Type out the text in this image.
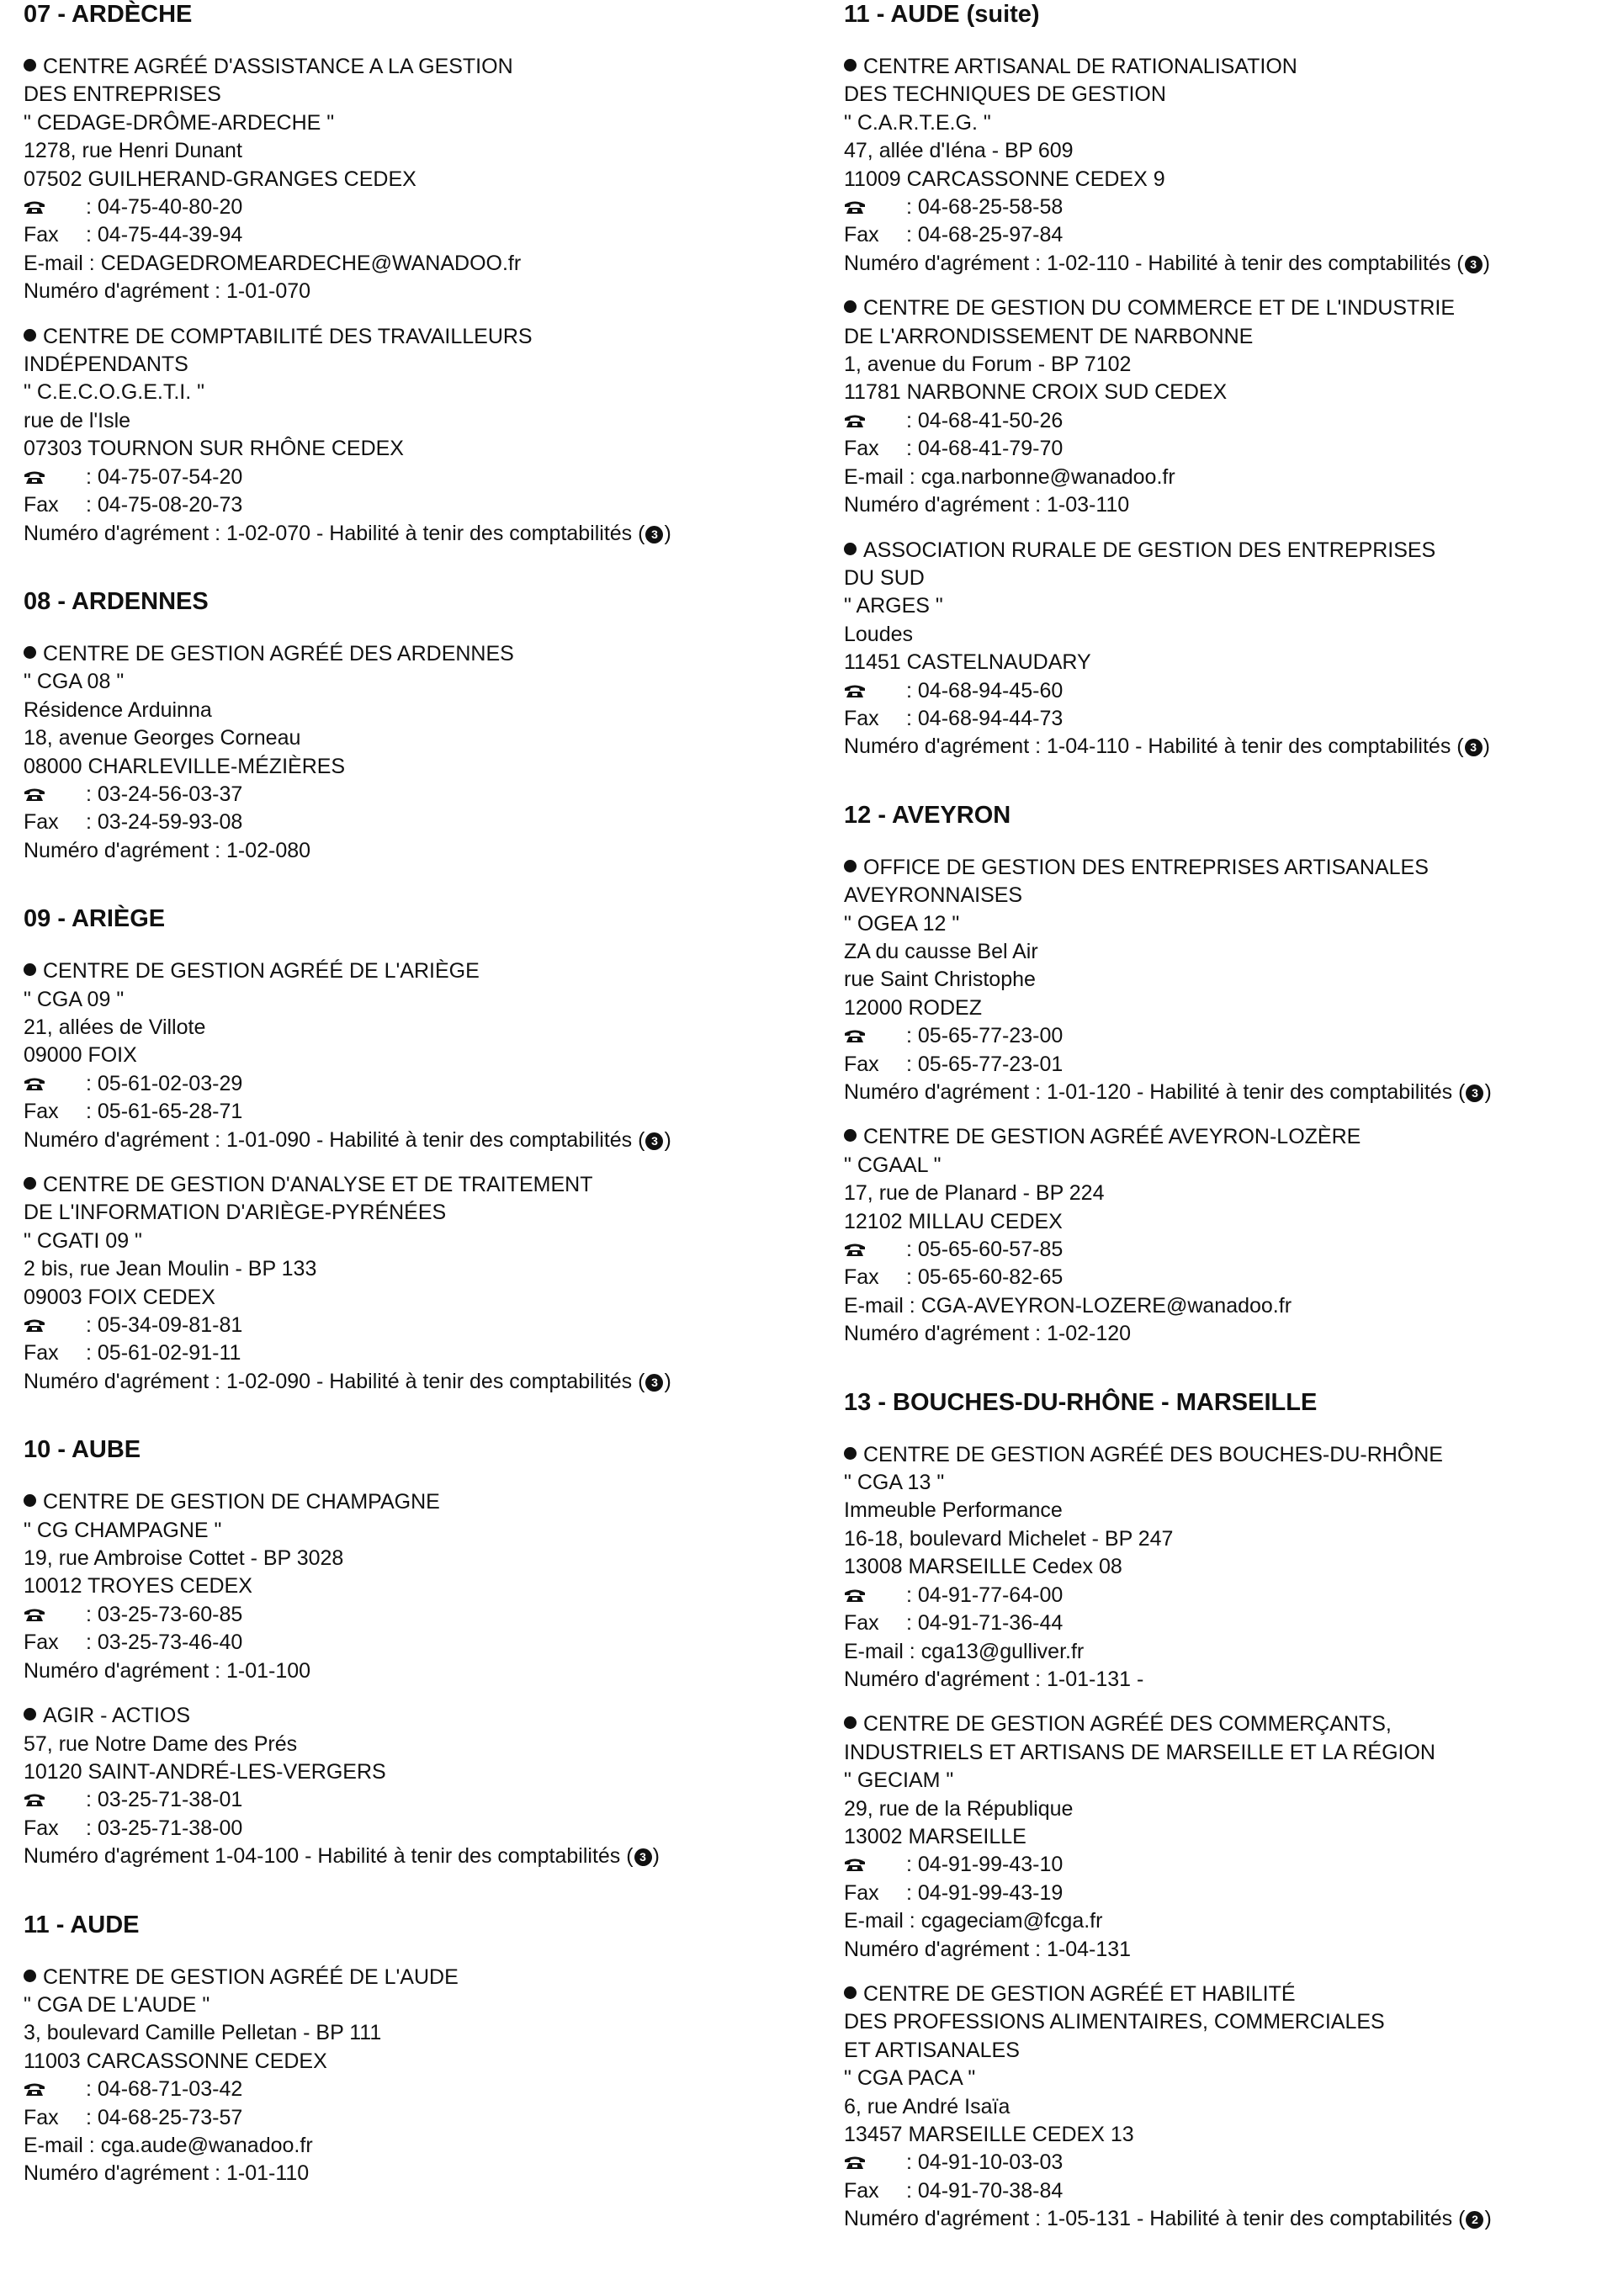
07 - ARDÈCHE
CENTRE AGRÉÉ D'ASSISTANCE A LA GESTION
DES ENTREPRISES
" CEDAGE-DRÔME-ARDECHE "
1278, rue Henri Dunant
07502 GUILHERAND-GRANGES CEDEX
: 04-75-40-80-20
Fax : 04-75-44-39-94
E-mail : CEDAGEDROMEARDECHE@WANADOO.fr
Numéro d'agrément : 1-01-070
CENTRE DE COMPTABILITÉ DES TRAVAILLEURS
INDÉPENDANTS
" C.E.C.O.G.E.T.I. "
rue de l'Isle
07303 TOURNON SUR RHÔNE CEDEX
: 04-75-07-54-20
Fax : 04-75-08-20-73
Numéro d'agrément : 1-02-070 - Habilité à tenir des comptabilités ( 3 )
08 - ARDENNES
CENTRE DE GESTION AGRÉÉ DES ARDENNES
" CGA 08 "
Résidence Arduinna
18, avenue Georges Corneau
08000 CHARLEVILLE-MÉZIÈRES
: 03-24-56-03-37
Fax : 03-24-59-93-08
Numéro d'agrément : 1-02-080
09 - ARIÈGE
CENTRE DE GESTION AGRÉÉ DE L'ARIÈGE
" CGA 09 "
21, allées de Villote
09000 FOIX
: 05-61-02-03-29
Fax : 05-61-65-28-71
Numéro d'agrément : 1-01-090 - Habilité à tenir des comptabilités ( 3 )
CENTRE DE GESTION D'ANALYSE ET DE TRAITEMENT
DE L'INFORMATION D'ARIÈGE-PYRÉNÉES
" CGATI 09 "
2 bis, rue Jean Moulin - BP 133
09003 FOIX CEDEX
: 05-34-09-81-81
Fax : 05-61-02-91-11
Numéro d'agrément : 1-02-090 - Habilité à tenir des comptabilités ( 3 )
10 - AUBE
CENTRE DE GESTION DE CHAMPAGNE
" CG CHAMPAGNE "
19, rue Ambroise Cottet - BP 3028
10012 TROYES CEDEX
: 03-25-73-60-85
Fax : 03-25-73-46-40
Numéro d'agrément : 1-01-100
AGIR - ACTIOS
57, rue Notre Dame des Prés
10120 SAINT-ANDRÉ-LES-VERGERS
: 03-25-71-38-01
Fax : 03-25-71-38-00
Numéro d'agrément 1-04-100 - Habilité à tenir des comptabilités ( 3 )
11 - AUDE
CENTRE DE GESTION AGRÉÉ DE L'AUDE
" CGA DE L'AUDE "
3, boulevard Camille Pelletan - BP 111
11003 CARCASSONNE CEDEX
: 04-68-71-03-42
Fax : 04-68-25-73-57
E-mail : cga.aude@wanadoo.fr
Numéro d'agrément : 1-01-110
11 - AUDE (suite)
CENTRE ARTISANAL DE RATIONALISATION
DES TECHNIQUES DE GESTION
" C.A.R.T.E.G. "
47, allée d'Iéna - BP 609
11009 CARCASSONNE CEDEX 9
: 04-68-25-58-58
Fax : 04-68-25-97-84
Numéro d'agrément : 1-02-110 - Habilité à tenir des comptabilités ( 3 )
CENTRE DE GESTION DU COMMERCE ET DE L'INDUSTRIE
DE L'ARRONDISSEMENT DE NARBONNE
1, avenue du Forum - BP 7102
11781 NARBONNE CROIX SUD CEDEX
: 04-68-41-50-26
Fax : 04-68-41-79-70
E-mail : cga.narbonne@wanadoo.fr
Numéro d'agrément : 1-03-110
ASSOCIATION RURALE DE GESTION DES ENTREPRISES
DU SUD
" ARGES "
Loudes
11451 CASTELNAUDARY
: 04-68-94-45-60
Fax : 04-68-94-44-73
Numéro d'agrément : 1-04-110 - Habilité à tenir des comptabilités ( 3 )
12 - AVEYRON
OFFICE DE GESTION DES ENTREPRISES ARTISANALES
AVEYRONNAISES
" OGEA 12 "
ZA du causse Bel Air
rue Saint Christophe
12000 RODEZ
: 05-65-77-23-00
Fax : 05-65-77-23-01
Numéro d'agrément : 1-01-120 - Habilité à tenir des comptabilités ( 3 )
CENTRE DE GESTION AGRÉÉ AVEYRON-LOZÈRE
" CGAAL "
17, rue de Planard - BP 224
12102 MILLAU CEDEX
: 05-65-60-57-85
Fax : 05-65-60-82-65
E-mail : CGA-AVEYRON-LOZERE@wanadoo.fr
Numéro d'agrément : 1-02-120
13 - BOUCHES-DU-RHÔNE - MARSEILLE
CENTRE DE GESTION AGRÉÉ DES BOUCHES-DU-RHÔNE
" CGA 13 "
Immeuble Performance
16-18, boulevard Michelet - BP 247
13008 MARSEILLE Cedex 08
: 04-91-77-64-00
Fax : 04-91-71-36-44
E-mail : cga13@gulliver.fr
Numéro d'agrément : 1-01-131 -
CENTRE DE GESTION AGRÉÉ DES COMMERÇANTS,
INDUSTRIELS ET ARTISANS DE MARSEILLE ET LA RÉGION
" GECIAM "
29, rue de la République
13002 MARSEILLE
: 04-91-99-43-10
Fax : 04-91-99-43-19
E-mail : cgageciam@fcga.fr
Numéro d'agrément : 1-04-131
CENTRE DE GESTION AGRÉÉ ET HABILITÉ
DES PROFESSIONS ALIMENTAIRES, COMMERCIALES
ET ARTISANALES
" CGA PACA "
6, rue André Isaïa
13457 MARSEILLE CEDEX 13
: 04-91-10-03-03
Fax : 04-91-70-38-84
Numéro d'agrément : 1-05-131 - Habilité à tenir des comptabilités ( 2 )
